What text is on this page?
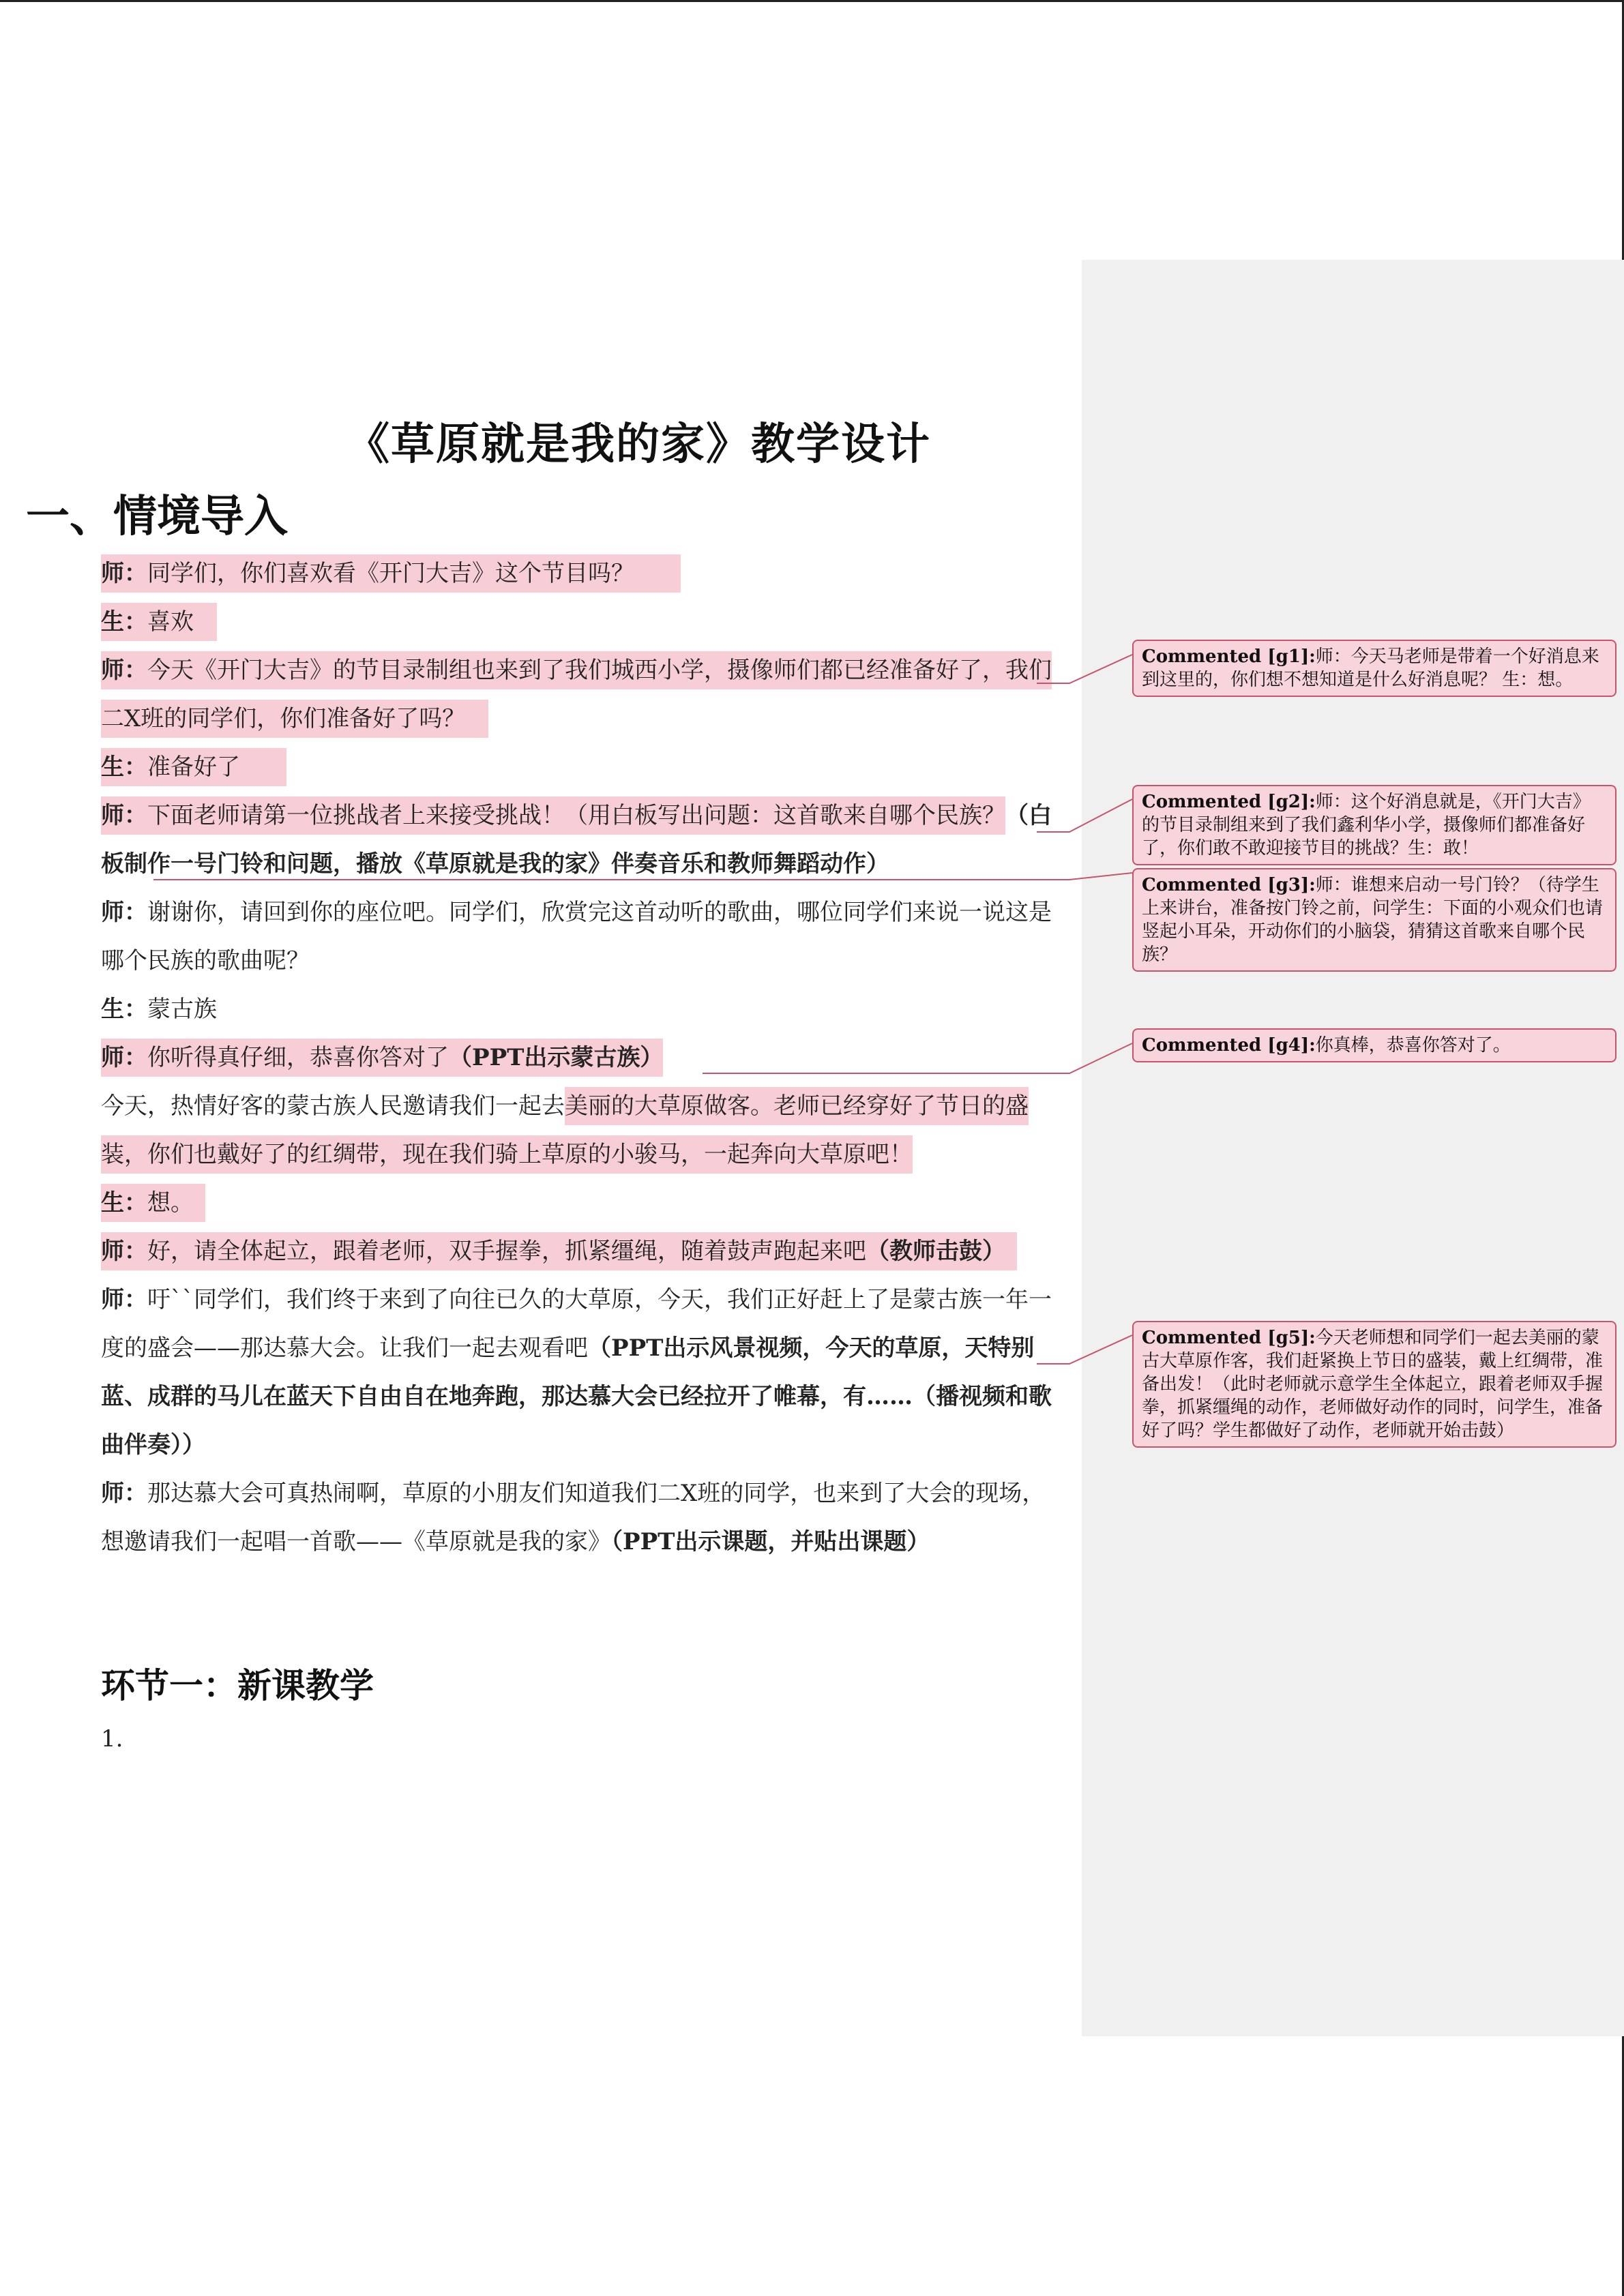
《草原就是我的家》教学设计
一、情境导入

师：同学们，你们喜欢看《开门大吉》这个节目吗？　　

生：喜欢　

师：今天《开门大吉》的节目录制组也来到了我们城西小学，摄像师们都已经准备好了，我们二X班的同学们，你们准备好了吗？　

生：准备好了　　

师：下面老师请第一位挑战者上来接受挑战！（用白板写出问题：这首歌来自哪个民族？（白板制作一号门铃和问题，播放《草原就是我的家》伴奏音乐和教师舞蹈动作）

师：谢谢你，请回到你的座位吧。同学们，欣赏完这首动听的歌曲，哪位同学们来说一说这是哪个民族的歌曲呢？

生：蒙古族

师：你听得真仔细，恭喜你答对了（PPT出示蒙古族）

今天，热情好客的蒙古族人民邀请我们一起去美丽的大草原做客。老师已经穿好了节日的盛装，你们也戴好了的红绸带，现在我们骑上草原的小骏马，一起奔向大草原吧！

生：想。　

师：好，请全体起立，跟着老师，双手握拳，抓紧缰绳，随着鼓声跑起来吧（教师击鼓）　

师：吁``同学们，我们终于来到了向往已久的大草原，今天，我们正好赶上了是蒙古族一年一度的盛会——那达慕大会。让我们一起去观看吧（PPT出示风景视频，今天的草原，天特别蓝、成群的马儿在蓝天下自由自在地奔跑，那达慕大会已经拉开了帷幕，有……（播视频和歌曲伴奏））

师：那达慕大会可真热闹啊，草原的小朋友们知道我们二X班的同学，也来到了大会的现场，想邀请我们一起唱一首歌——《草原就是我的家》（PPT出示课题，并贴出课题）

环节一：新课教学
1.
Commented [g1]:师：今天马老师是带着一个好消息来到这里的，你们想不想知道是什么好消息呢？ 生：想。
Commented [g2]:师：这个好消息就是，《开门大吉》的节目录制组来到了我们鑫利华小学，摄像师们都准备好了，你们敢不敢迎接节目的挑战？生：敢！
Commented [g3]:师：谁想来启动一号门铃？（待学生上来讲台，准备按门铃之前，问学生：下面的小观众们也请竖起小耳朵，开动你们的小脑袋，猜猜这首歌来自哪个民族？
Commented [g4]:你真棒，恭喜你答对了。
Commented [g5]:今天老师想和同学们一起去美丽的蒙古大草原作客，我们赶紧换上节日的盛装，戴上红绸带，准备出发！（此时老师就示意学生全体起立，跟着老师双手握拳，抓紧缰绳的动作，老师做好动作的同时，问学生，准备好了吗？学生都做好了动作，老师就开始击鼓）
